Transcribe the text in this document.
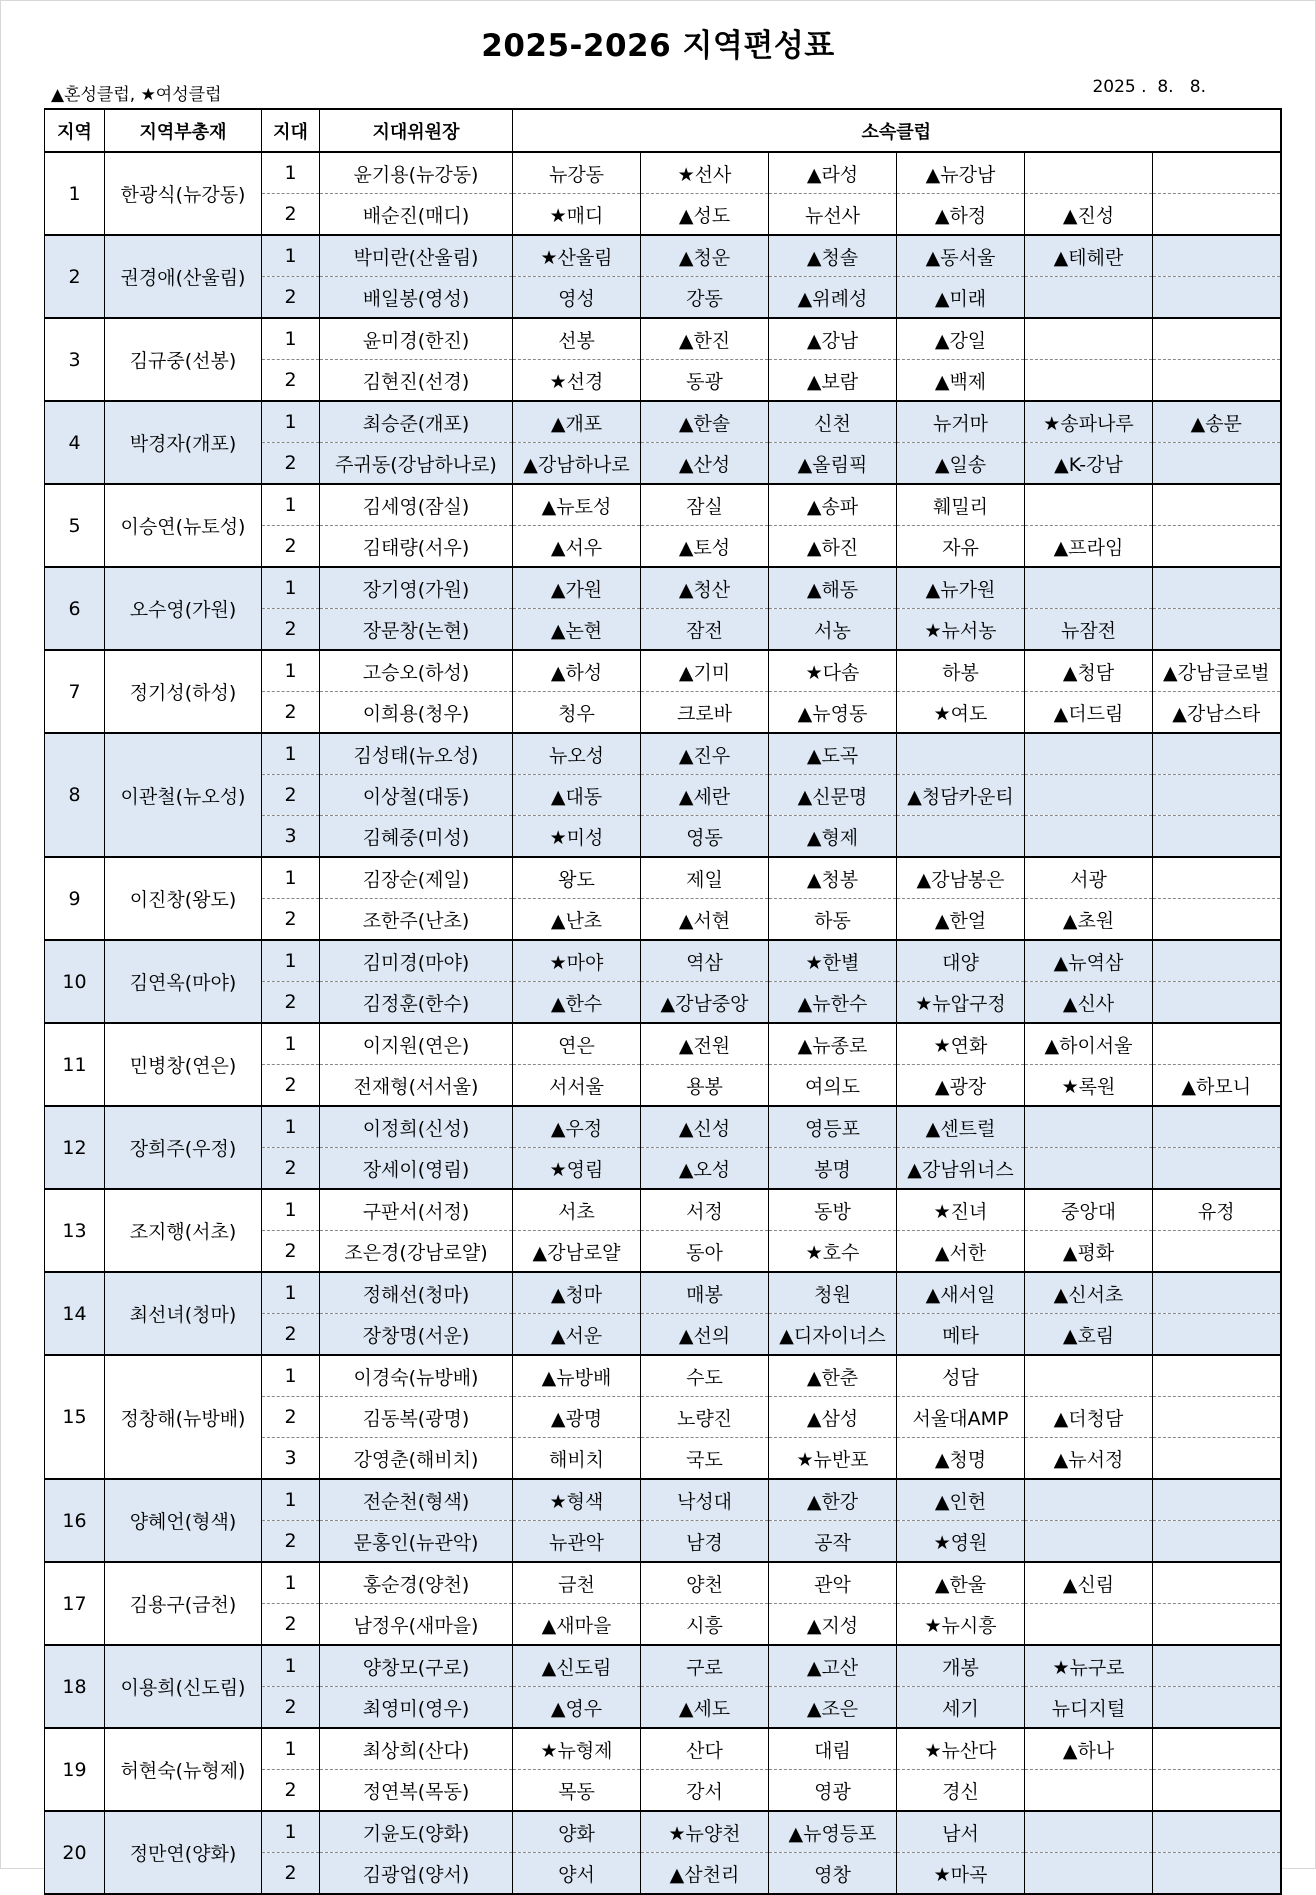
2025-2026 지역편성표
▲혼성클럽, ★여성클럽	2025 .  8.   8.
지역	지역부총재	지대	지대위원장	소속클럽					
1	한광식(뉴강동)	1	윤기용(뉴강동)	뉴강동	★선사	▲라성	▲뉴강남		
		2	배순진(매디)	★매디	▲성도	뉴선사	▲하정	▲진성	
2	권경애(산울림)	1	박미란(산울림)	★산울림	▲청운	▲청솔	▲동서울	▲테헤란	
		2	배일봉(영성)	영성	강동	▲위례성	▲미래		
3	김규중(선봉)	1	윤미경(한진)	선봉	▲한진	▲강남	▲강일		
		2	김현진(선경)	★선경	동광	▲보람	▲백제		
4	박경자(개포)	1	최승준(개포)	▲개포	▲한솔	신천	뉴거마	★송파나루	▲송문
		2	주귀동(강남하나로)	▲강남하나로	▲산성	▲올림픽	▲일송	▲K-강남	
5	이승연(뉴토성)	1	김세영(잠실)	▲뉴토성	잠실	▲송파	훼밀리		
		2	김태량(서우)	▲서우	▲토성	▲하진	자유	▲프라임	
6	오수영(가원)	1	장기영(가원)	▲가원	▲청산	▲해동	▲뉴가원		
		2	장문창(논현)	▲논현	잠전	서농	★뉴서농	뉴잠전	
7	정기성(하성)	1	고승오(하성)	▲하성	▲기미	★다솜	하봉	▲청담	▲강남글로벌
		2	이희용(청우)	청우	크로바	▲뉴영동	★여도	▲더드림	▲강남스타
8	이관철(뉴오성)	1	김성태(뉴오성)	뉴오성	▲진우	▲도곡			
		2	이상철(대동)	▲대동	▲세란	▲신문명	▲청담카운티		
		3	김혜중(미성)	★미성	영동	▲형제			
9	이진창(왕도)	1	김장순(제일)	왕도	제일	▲청봉	▲강남봉은	서광	
		2	조한주(난초)	▲난초	▲서현	하동	▲한얼	▲초원	
10	김연옥(마야)	1	김미경(마야)	★마야	역삼	★한별	대양	▲뉴역삼	
		2	김정훈(한수)	▲한수	▲강남중앙	▲뉴한수	★뉴압구정	▲신사	
11	민병창(연은)	1	이지원(연은)	연은	▲전원	▲뉴종로	★연화	▲하이서울	
		2	전재형(서서울)	서서울	용봉	여의도	▲광장	★록원	▲하모니
12	장희주(우정)	1	이정희(신성)	▲우정	▲신성	영등포	▲센트럴		
		2	장세이(영림)	★영림	▲오성	봉명	▲강남위너스		
13	조지행(서초)	1	구판서(서정)	서초	서정	동방	★진녀	중앙대	유정
		2	조은경(강남로얄)	▲강남로얄	동아	★호수	▲서한	▲평화	
14	최선녀(청마)	1	정해선(청마)	▲청마	매봉	청원	▲새서일	▲신서초	
		2	장창명(서운)	▲서운	▲선의	▲디자이너스	메타	▲호림	
15	정창해(뉴방배)	1	이경숙(뉴방배)	▲뉴방배	수도	▲한춘	성담		
		2	김동복(광명)	▲광명	노량진	▲삼성	서울대AMP	▲더청담	
		3	강영춘(해비치)	해비치	국도	★뉴반포	▲청명	▲뉴서정	
16	양혜언(형색)	1	전순천(형색)	★형색	낙성대	▲한강	▲인헌		
		2	문홍인(뉴관악)	뉴관악	남경	공작	★영원		
17	김용구(금천)	1	홍순경(양천)	금천	양천	관악	▲한울	▲신림	
		2	남정우(새마을)	▲새마을	시흥	▲지성	★뉴시흥		
18	이용희(신도림)	1	양창모(구로)	▲신도림	구로	▲고산	개봉	★뉴구로	
		2	최영미(영우)	▲영우	▲세도	▲조은	세기	뉴디지털	
19	허현숙(뉴형제)	1	최상희(산다)	★뉴형제	산다	대림	★뉴산다	▲하나	
		2	정연복(목동)	목동	강서	영광	경신		
20	정만연(양화)	1	기윤도(양화)	양화	★뉴양천	▲뉴영등포	남서		
		2	김광업(양서)	양서	▲삼천리	영창	★마곡		
